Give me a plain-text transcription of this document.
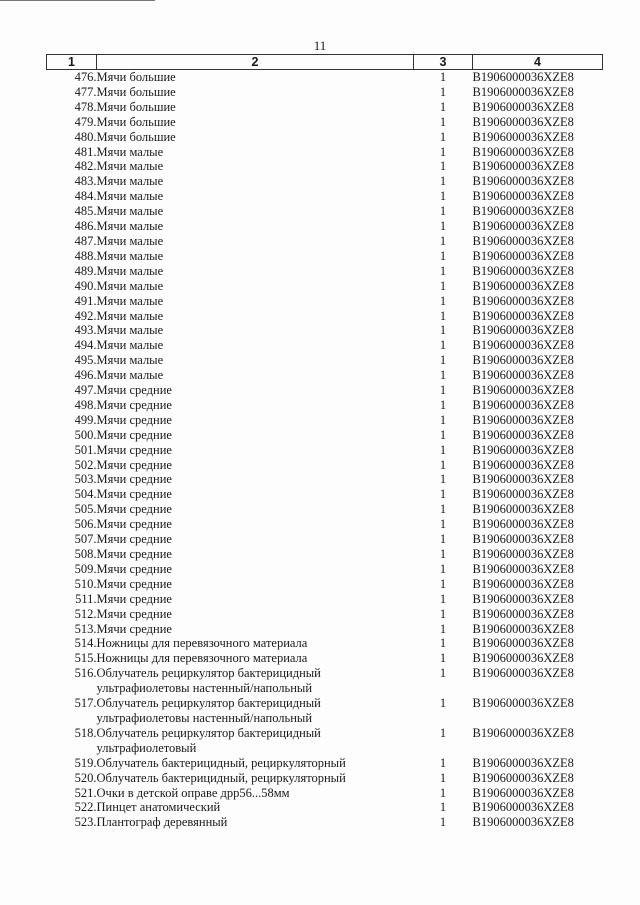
11
1	2	3	4
476.	Мячи большие	1	B1906000036XZE8
477.	Мячи большие	1	B1906000036XZE8
478.	Мячи большие	1	B1906000036XZE8
479.	Мячи большие	1	B1906000036XZE8
480.	Мячи большие	1	B1906000036XZE8
481.	Мячи малые	1	B1906000036XZE8
482.	Мячи малые	1	B1906000036XZE8
483.	Мячи малые	1	B1906000036XZE8
484.	Мячи малые	1	B1906000036XZE8
485.	Мячи малые	1	B1906000036XZE8
486.	Мячи малые	1	B1906000036XZE8
487.	Мячи малые	1	B1906000036XZE8
488.	Мячи малые	1	B1906000036XZE8
489.	Мячи малые	1	B1906000036XZE8
490.	Мячи малые	1	B1906000036XZE8
491.	Мячи малые	1	B1906000036XZE8
492.	Мячи малые	1	B1906000036XZE8
493.	Мячи малые	1	B1906000036XZE8
494.	Мячи малые	1	B1906000036XZE8
495.	Мячи малые	1	B1906000036XZE8
496.	Мячи малые	1	B1906000036XZE8
497.	Мячи средние	1	B1906000036XZE8
498.	Мячи средние	1	B1906000036XZE8
499.	Мячи средние	1	B1906000036XZE8
500.	Мячи средние	1	B1906000036XZE8
501.	Мячи средние	1	B1906000036XZE8
502.	Мячи средние	1	B1906000036XZE8
503.	Мячи средние	1	B1906000036XZE8
504.	Мячи средние	1	B1906000036XZE8
505.	Мячи средние	1	B1906000036XZE8
506.	Мячи средние	1	B1906000036XZE8
507.	Мячи средние	1	B1906000036XZE8
508.	Мячи средние	1	B1906000036XZE8
509.	Мячи средние	1	B1906000036XZE8
510.	Мячи средние	1	B1906000036XZE8
511.	Мячи средние	1	B1906000036XZE8
512.	Мячи средние	1	B1906000036XZE8
513.	Мячи средние	1	B1906000036XZE8
514.	Ножницы для перевязочного материала	1	B1906000036XZE8
515.	Ножницы для перевязочного материала	1	B1906000036XZE8
516.	Облучатель рециркулятор бактерицидный ультрафиолетовы настенный/напольный	1	B1906000036XZE8
517.	Облучатель рециркулятор бактерицидный ультрафиолетовы настенный/напольный	1	B1906000036XZE8
518.	Облучатель рециркулятор бактерицидный ультрафиолетовый	1	B1906000036XZE8
519.	Облучатель бактерицидный, рециркуляторный	1	B1906000036XZE8
520.	Облучатель бактерицидный, рециркуляторный	1	B1906000036XZE8
521.	Очки в детской оправе дрр56...58мм	1	B1906000036XZE8
522.	Пинцет анатомический	1	B1906000036XZE8
523.	Плантограф деревянный	1	B1906000036XZE8
